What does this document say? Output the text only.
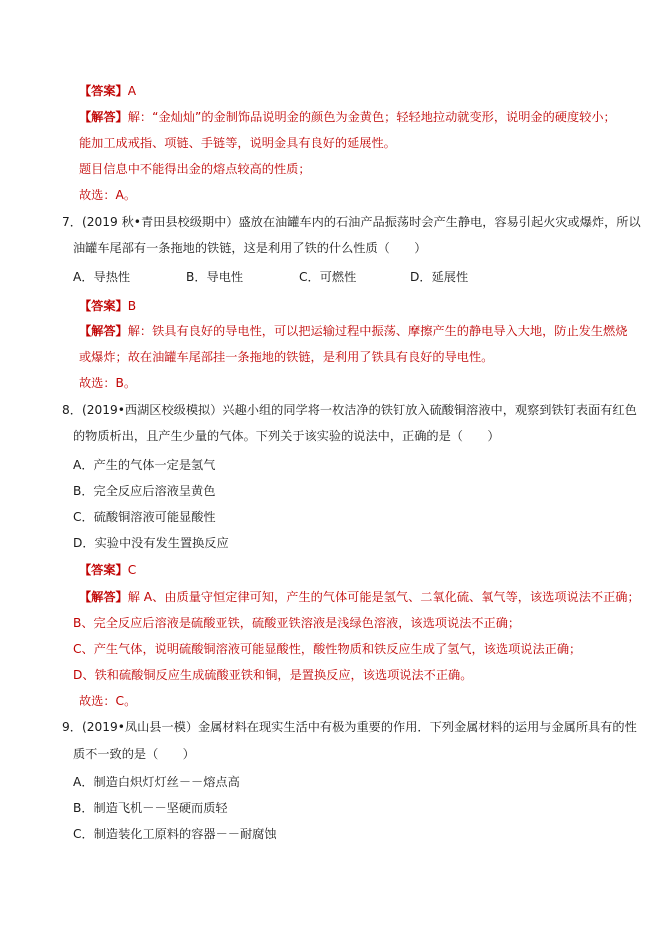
【答案】A
【解答】解：“金灿灿”的金制饰品说明金的颜色为金黄色；轻轻地拉动就变形，说明金的硬度较小；
能加工成戒指、项链、手链等，说明金具有良好的延展性。
题目信息中不能得出金的熔点较高的性质；
故选：A。
7．(2019 秋•青田县校级期中）盛放在油罐车内的石油产品振荡时会产生静电，容易引起火灾或爆炸，所以
油罐车尾部有一条拖地的铁链，这是利用了铁的什么性质（　　）
A．导热性	B．导电性	C．可燃性	D．延展性
【答案】B
【解答】解：铁具有良好的导电性，可以把运输过程中振荡、摩擦产生的静电导入大地，防止发生燃烧
或爆炸；故在油罐车尾部挂一条拖地的铁链，是利用了铁具有良好的导电性。
故选：B。
8．(2019•西湖区校级模拟）兴趣小组的同学将一枚洁净的铁钉放入硫酸铜溶液中，观察到铁钉表面有红色
的物质析出，且产生少量的气体。下列关于该实验的说法中，正确的是（　　）
A．产生的气体一定是氢气
B．完全反应后溶液呈黄色
C．硫酸铜溶液可能显酸性
D．实验中没有发生置换反应
【答案】C
【解答】解 A、由质量守恒定律可知，产生的气体可能是氢气、二氧化硫、氧气等，该选项说法不正确；
B、完全反应后溶液是硫酸亚铁，硫酸亚铁溶液是浅绿色溶液，该选项说法不正确；
C、产生气体，说明硫酸铜溶液可能显酸性，酸性物质和铁反应生成了氢气，该选项说法正确；
D、铁和硫酸铜反应生成硫酸亚铁和铜，是置换反应，该选项说法不正确。
故选：C。
9．(2019•凤山县一模）金属材料在现实生活中有极为重要的作用．下列金属材料的运用与金属所具有的性
质不一致的是（　　）
A．制造白炽灯灯丝－－熔点高
B．制造飞机－－坚硬而质轻
C．制造装化工原料的容器－－耐腐蚀
